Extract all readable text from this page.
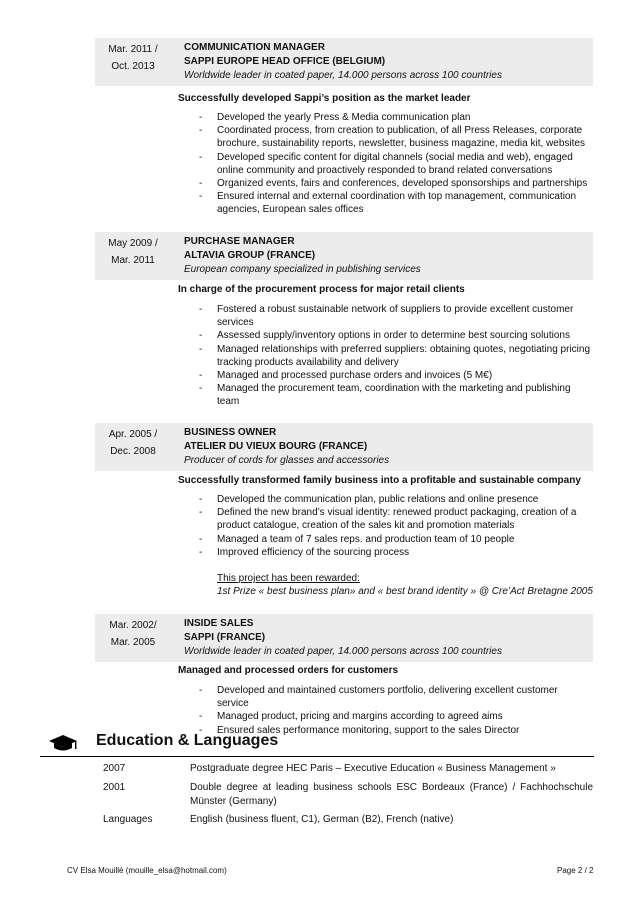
Mar. 2011 /
Oct. 2013
COMMUNICATION MANAGER
SAPPI EUROPE HEAD OFFICE (BELGIUM)
Worldwide leader in coated paper, 14.000 persons across 100 countries
Successfully developed Sappi’s position as the market leader
- Developed the yearly Press & Media communication plan
- Coordinated process, from creation to publication, of all Press Releases, corporate brochure, sustainability reports, newsletter, business magazine, media kit, websites
- Developed specific content for digital channels (social media and web), engaged online community and proactively responded to brand related conversations
- Organized events, fairs and conferences, developed sponsorships and partnerships
- Ensured internal and external coordination with top management, communication agencies, European sales offices
May 2009 /
Mar. 2011
PURCHASE MANAGER
ALTAVIA GROUP (FRANCE)
European company specialized in publishing services
In charge of the procurement process for major retail clients
- Fostered a robust sustainable network of suppliers to provide excellent customer services
- Assessed supply/inventory options in order to determine best sourcing solutions
- Managed relationships with preferred suppliers: obtaining quotes, negotiating pricing tracking products availability and delivery
- Managed and processed purchase orders and invoices (5 M€)
- Managed the procurement team, coordination with the marketing and publishing team
Apr. 2005 /
Dec. 2008
BUSINESS OWNER
ATELIER DU VIEUX BOURG (FRANCE)
Producer of cords for glasses and accessories
Successfully transformed family business into a profitable and sustainable company
- Developed the communication plan, public relations and online presence
- Defined the new brand’s visual identity: renewed product packaging, creation of a product catalogue, creation of the sales kit and promotion materials
- Managed a team of 7 sales reps. and production team of 10 people
- Improved efficiency of the sourcing process
This project has been rewarded:
1st Prize « best business plan» and « best brand identity » @ Cre’Act Bretagne 2005
Mar. 2002/
Mar. 2005
INSIDE SALES
SAPPI (FRANCE)
Worldwide leader in coated paper, 14.000 persons across 100 countries
Managed and processed orders for customers
- Developed and maintained customers portfolio, delivering excellent customer service
- Managed product, pricing and margins according to agreed aims
- Ensured sales performance monitoring, support to the sales Director
Education & Languages
2007	Postgraduate degree HEC Paris – Executive Education « Business Management »
2001	Double degree at leading business schools ESC Bordeaux (France) / Fachhochschule Münster (Germany)
Languages	English (business fluent, C1), German (B2), French (native)
CV Elsa Mouillé (mouille_elsa@hotmail.com)	Page 2 / 2
